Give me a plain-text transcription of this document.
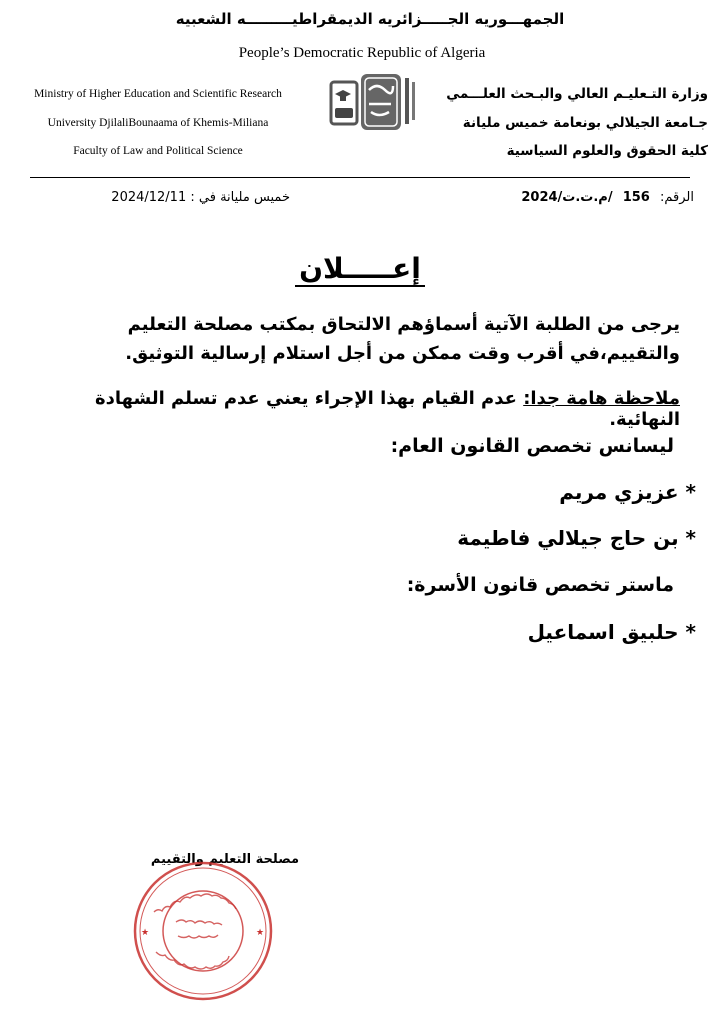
الجمهـــوريه الجـــــزائريه الديمقراطيـــــــــه الشعبيه
People’s Democratic Republic of Algeria
Ministry of Higher Education and Scientific Research
University DjilaliBounaama of Khemis-Miliana
Faculty of Law and Political Science
وزارة التـعليـم العالي والبـحث العلـــمي
جـامعة الجيلالي بونعامة خميس مليانة
كلية الحقوق والعلوم السياسية
الرقم: 156 /م.ت.ت/2024
خميس مليانة في : 2024/12/11
إعـــــلان
يرجى من الطلبة الآتية أسماؤهم الالتحاق بمكتب مصلحة التعليم والتقييم،في أقرب وقت ممكن من أجل استلام إرسالية التوثيق.
ملاحظة هامة جدا: عدم القيام بهذا الإجراء يعني عدم تسلم الشهادة النهائية.
ليسانس تخصص القانون العام:
* عزيزي مريم
* بن حاج جيلالي فاطيمة
ماستر تخصص قانون الأسرة:
* حلبيق اسماعيل
مصلحة التعليم والتقييم
★	★
